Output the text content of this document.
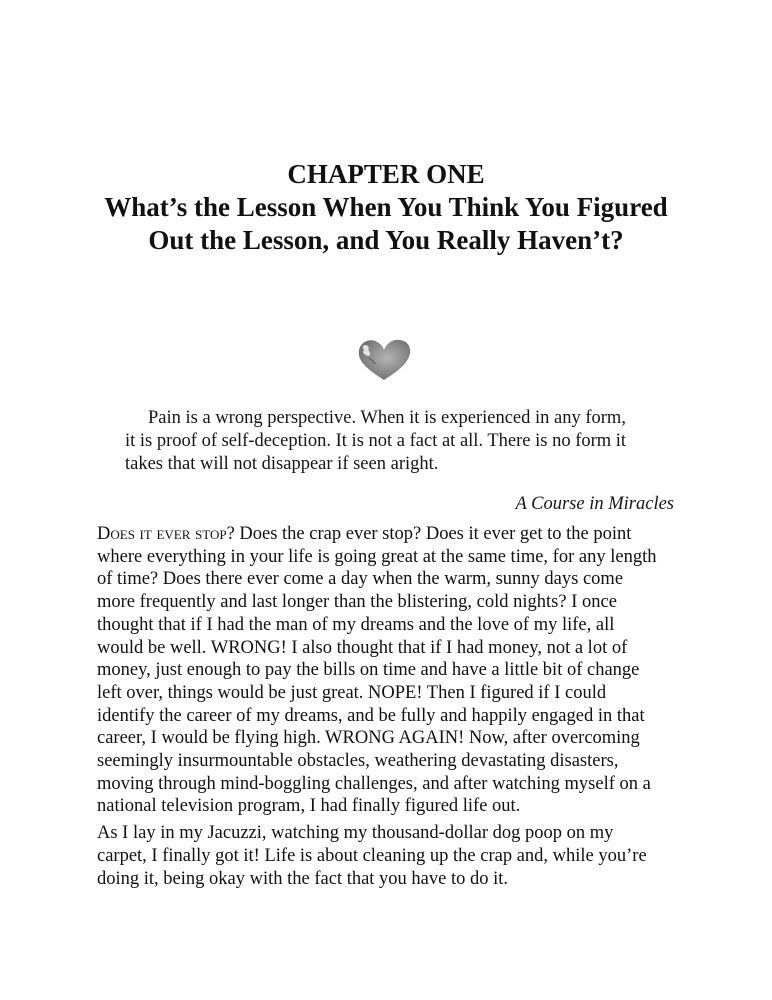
CHAPTER ONE
What’s the Lesson When You Think You Figured
Out the Lesson, and You Really Haven’t?
Pain is a wrong perspective. When it is experienced in any form,
it is proof of self-deception. It is not a fact at all. There is no form it
takes that will not disappear if seen aright.
A Course in Miracles
Does it ever stop? Does the crap ever stop? Does it ever get to the point
where everything in your life is going great at the same time, for any length
of time? Does there ever come a day when the warm, sunny days come
more frequently and last longer than the blistering, cold nights? I once
thought that if I had the man of my dreams and the love of my life, all
would be well. WRONG! I also thought that if I had money, not a lot of
money, just enough to pay the bills on time and have a little bit of change
left over, things would be just great. NOPE! Then I figured if I could
identify the career of my dreams, and be fully and happily engaged in that
career, I would be flying high. WRONG AGAIN! Now, after overcoming
seemingly insurmountable obstacles, weathering devastating disasters,
moving through mind-boggling challenges, and after watching myself on a
national television program, I had finally figured life out.
As I lay in my Jacuzzi, watching my thousand-dollar dog poop on my
carpet, I finally got it! Life is about cleaning up the crap and, while you’re
doing it, being okay with the fact that you have to do it.
